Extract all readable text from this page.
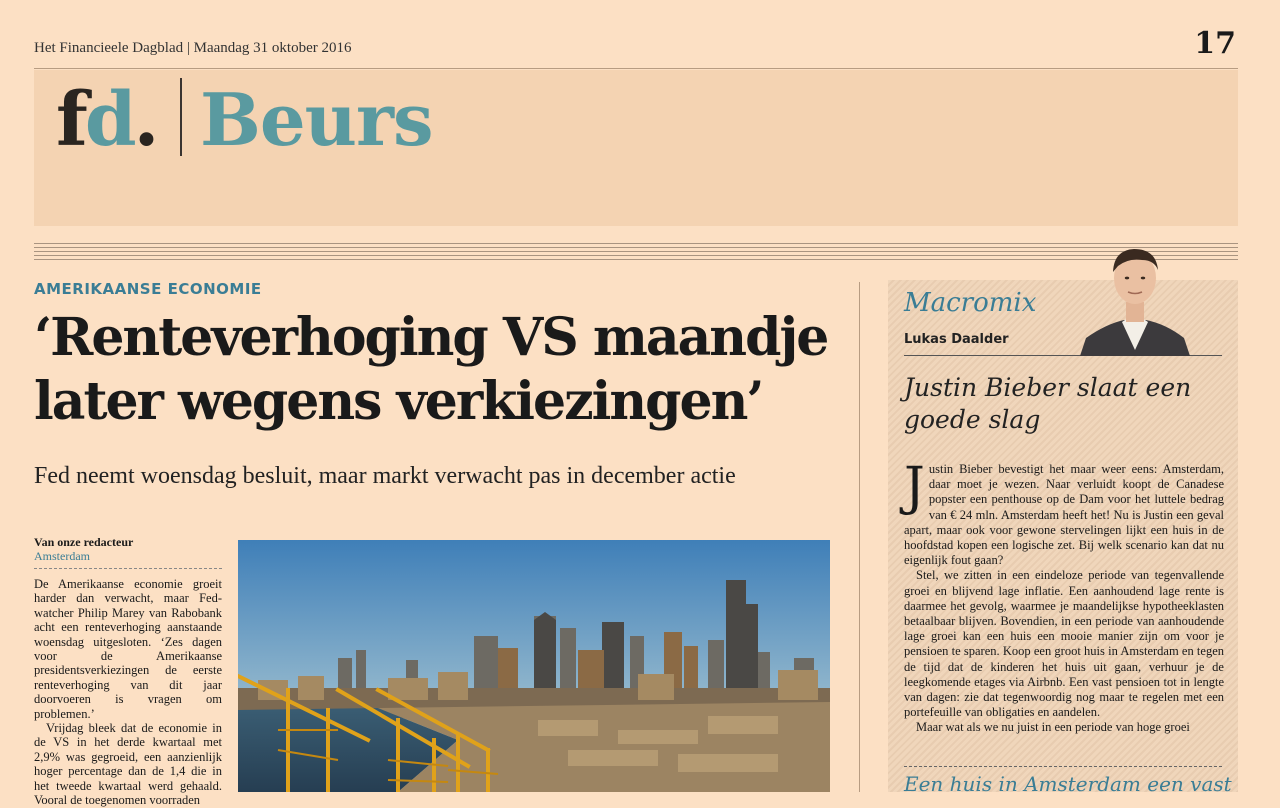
Het Financieele Dagblad | Maandag 31 oktober 2016	17
fd. Beurs
AMERIKAANSE ECONOMIE
‘Renteverhoging VS maandje later wegens verkiezingen’
Fed neemt woensdag besluit, maar markt verwacht pas in december actie
Van onze redacteur
Amsterdam

De Amerikaanse economie groeit harder dan verwacht, maar Fed-watcher Philip Marey van Rabobank acht een renteverhoging aanstaande woensdag uitgesloten. ‘Zes dagen voor de Amerikaanse presidentsverkiezingen de eerste renteverhoging van dit jaar doorvoeren is vragen om problemen.’

Vrijdag bleek dat de economie in de VS in het derde kwartaal met 2,9% was gegroeid, een aanzienlijk hoger percentage dan de 1,4 die in het tweede kwartaal werd gehaald. Vooral de toegenomen voorraden

Macromix
Lukas Daalder
Justin Bieber slaat een goede slag

Justin Bieber bevestigt het maar weer eens: Amsterdam, daar moet je wezen. Naar verluidt koopt de Canadese popster een penthouse op de Dam voor het luttele bedrag van € 24 mln. Amsterdam heeft het! Nu is Justin een geval apart, maar ook voor gewone stervelingen lijkt een huis in de hoofdstad kopen een logische zet. Bij welk scenario kan dat nu eigenlijk fout gaan?

Stel, we zitten in een eindeloze periode van tegenvallende groei en blijvend lage inflatie. Een aanhoudend lage rente is daarmee het gevolg, waarmee je maandelijkse hypotheeklasten betaalbaar blijven. Bovendien, in een periode van aanhoudende lage groei kan een huis een mooie manier zijn om voor je pensioen te sparen. Koop een groot huis in Amsterdam en tegen de tijd dat de kinderen het huis uit gaan, verhuur je de leegkomende etages via Airbnb. Een vast pensioen tot in lengte van dagen: zie dat tegenwoordig nog maar te regelen met een portefeuille van obligaties en aandelen.

Maar wat als we nu juist in een periode van hoge groei

Een huis in Amsterdam een vast
